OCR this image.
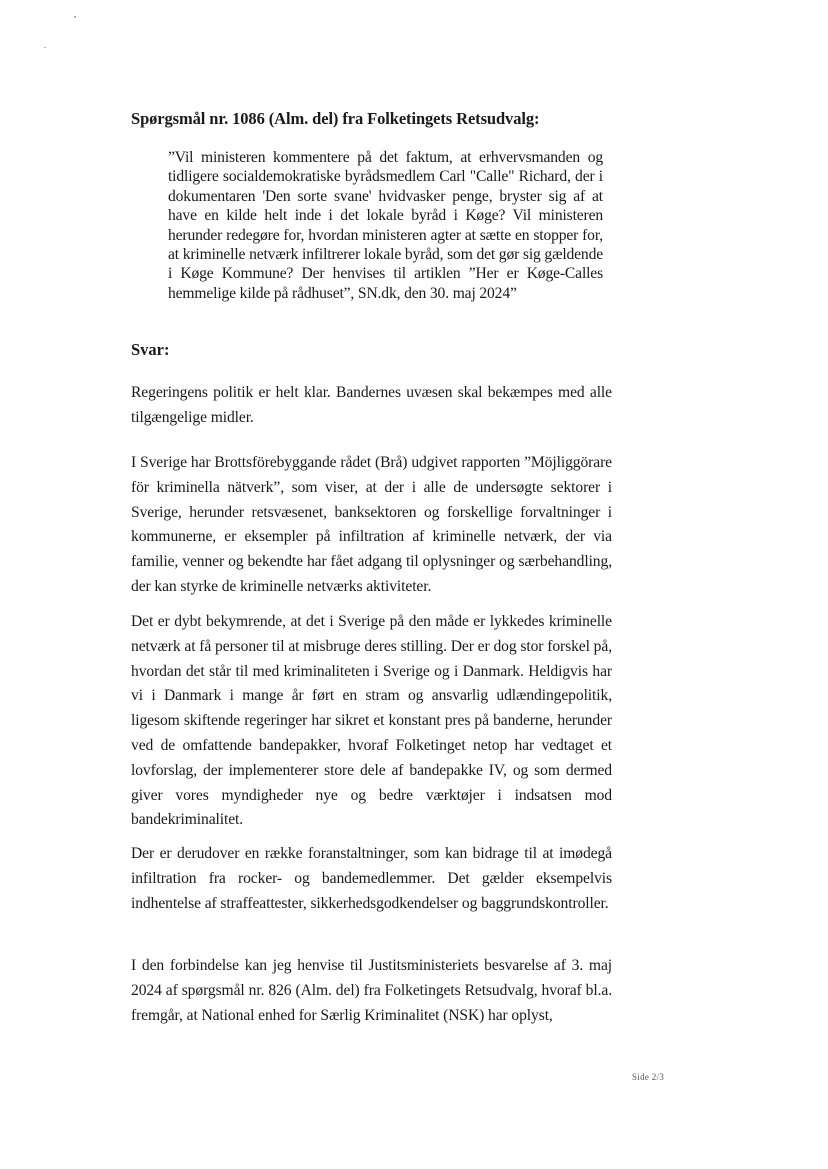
Spørgsmål nr. 1086 (Alm. del) fra Folketingets Retsudvalg:
”Vil ministeren kommentere på det faktum, at erhvervsmanden og tidligere socialdemokratiske byrådsmedlem Carl "Calle" Richard, der i dokumentaren 'Den sorte svane' hvidvasker penge, bryster sig af at have en kilde helt inde i det lokale byråd i Køge? Vil ministeren herunder redegøre for, hvordan ministeren agter at sætte en stopper for, at kriminelle netværk infiltrerer lokale byråd, som det gør sig gældende i Køge Kommune? Der henvises til artiklen ”Her er Køge-Calles hemmelige kilde på rådhuset”, SN.dk, den 30. maj 2024”
Svar:
Regeringens politik er helt klar. Bandernes uvæsen skal bekæmpes med alle tilgængelige midler.
I Sverige har Brottsförebyggande rådet (Brå) udgivet rapporten ”Möjliggörare för kriminella nätverk”, som viser, at der i alle de undersøgte sektorer i Sverige, herunder retsvæsenet, banksektoren og forskellige forvaltninger i kommunerne, er eksempler på infiltration af kriminelle netværk, der via familie, venner og bekendte har fået adgang til oplysninger og særbehandling, der kan styrke de kriminelle netværks aktiviteter.
Det er dybt bekymrende, at det i Sverige på den måde er lykkedes kriminelle netværk at få personer til at misbruge deres stilling. Der er dog stor forskel på, hvordan det står til med kriminaliteten i Sverige og i Danmark. Heldigvis har vi i Danmark i mange år ført en stram og ansvarlig udlændingepolitik, ligesom skiftende regeringer har sikret et konstant pres på banderne, herunder ved de omfattende bandepakker, hvoraf Folketinget netop har vedtaget et lovforslag, der implementerer store dele af bandepakke IV, og som dermed giver vores myndigheder nye og bedre værktøjer i indsatsen mod bandekriminalitet.
Der er derudover en række foranstaltninger, som kan bidrage til at imødegå infiltration fra rocker- og bandemedlemmer. Det gælder eksempelvis indhentelse af straffeattester, sikkerhedsgodkendelser og baggrundskontroller.
I den forbindelse kan jeg henvise til Justitsministeriets besvarelse af 3. maj 2024 af spørgsmål nr. 826 (Alm. del) fra Folketingets Retsudvalg, hvoraf bl.a. fremgår, at National enhed for Særlig Kriminalitet (NSK) har oplyst,
Side 2/3
